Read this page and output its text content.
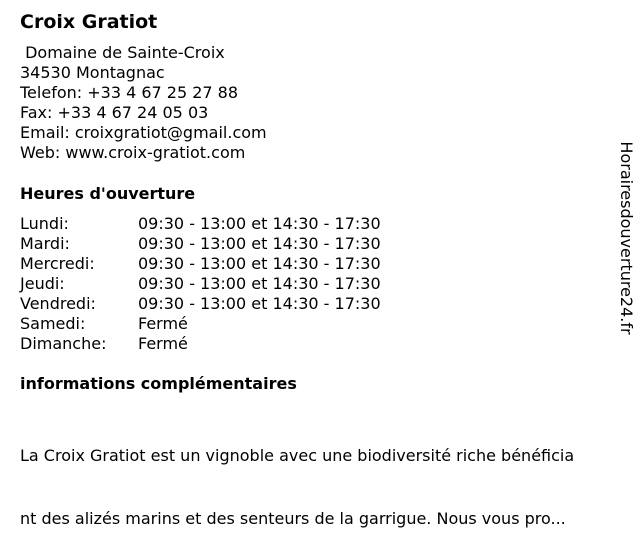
Croix Gratiot
Domaine de Sainte-Croix
34530 Montagnac
Telefon: +33 4 67 25 27 88
Fax: +33 4 67 24 05 03
Email: croixgratiot@gmail.com
Web: www.croix-gratiot.com
Heures d'ouverture
Lundi:	09:30 - 13:00 et 14:30 - 17:30
Mardi:	09:30 - 13:00 et 14:30 - 17:30
Mercredi:	09:30 - 13:00 et 14:30 - 17:30
Jeudi:	09:30 - 13:00 et 14:30 - 17:30
Vendredi:	09:30 - 13:00 et 14:30 - 17:30
Samedi:	Fermé
Dimanche: Fermé
informations complémentaires

La Croix Gratiot est un vignoble avec une biodiversité riche bénéficia

nt des alizés marins et des senteurs de la garrigue. Nous vous pro...

Horairesdouverture24.fr
